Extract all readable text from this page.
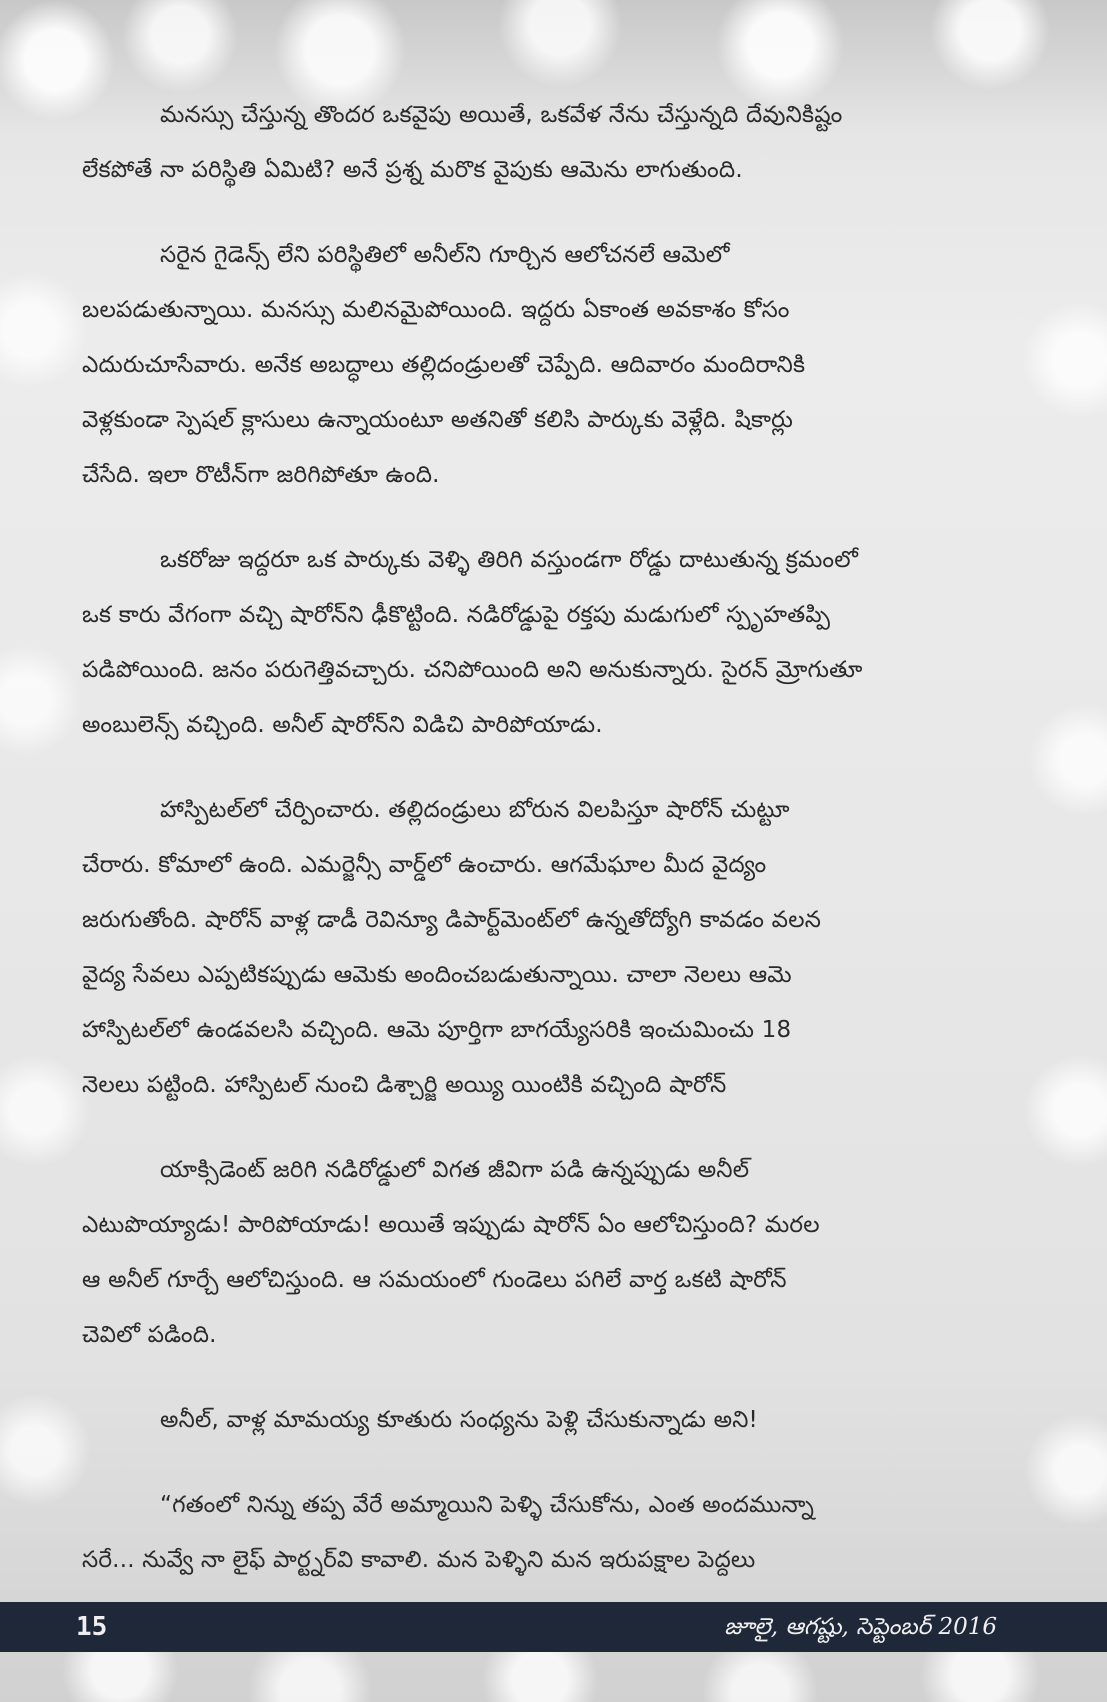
మనస్సు చేస్తున్న తొందర ఒకవైపు అయితే, ఒకవేళ నేను చేస్తున్నది దేవునికిష్టం
లేకపోతే నా పరిస్థితి ఏమిటి? అనే ప్రశ్న మరొక వైపుకు ఆమెను లాగుతుంది.

సరైన గైడెన్స్ లేని పరిస్థితిలో అనీల్‌ని గూర్చిన ఆలోచనలే ఆమెలో
బలపడుతున్నాయి. మనస్సు మలినమైపోయింది. ఇద్దరు ఏకాంత అవకాశం కోసం
ఎదురుచూసేవారు. అనేక అబద్ధాలు తల్లిదండ్రులతో చెప్పేది. ఆదివారం మందిరానికి
వెళ్లకుండా స్పెషల్ క్లాసులు ఉన్నాయంటూ అతనితో కలిసి పార్కుకు వెళ్లేది. షికార్లు
చేసేది. ఇలా రొటీన్‌గా జరిగిపోతూ ఉంది.

ఒకరోజు ఇద్దరూ ఒక పార్కుకు వెళ్ళి తిరిగి వస్తుండగా రోడ్డు దాటుతున్న క్రమంలో
ఒక కారు వేగంగా వచ్చి షారోన్‌ని ఢీకొట్టింది. నడిరోడ్డుపై రక్తపు మడుగులో స్పృహతప్పి
పడిపోయింది. జనం పరుగెత్తివచ్చారు. చనిపోయింది అని అనుకున్నారు. సైరన్ మ్రోగుతూ
అంబులెన్స్ వచ్చింది. అనీల్ షారోన్‌ని విడిచి పారిపోయాడు.

హాస్పిటల్‌లో చేర్పించారు. తల్లిదండ్రులు బోరున విలపిస్తూ షారోన్ చుట్టూ
చేరారు. కోమాలో ఉంది. ఎమర్జెన్సీ వార్డ్‌లో ఉంచారు. ఆగమేఘాల మీద వైద్యం
జరుగుతోంది. షారోన్ వాళ్ల డాడీ రెవిన్యూ డిపార్ట్‌మెంట్‌లో ఉన్నతోద్యోగి కావడం వలన
వైద్య సేవలు ఎప్పటికప్పుడు ఆమెకు అందించబడుతున్నాయి. చాలా నెలలు ఆమె
హాస్పిటల్‌లో ఉండవలసి వచ్చింది. ఆమె పూర్తిగా బాగయ్యేసరికి ఇంచుమించు 18
నెలలు పట్టింది. హాస్పిటల్ నుంచి డిశ్చార్జి అయ్యి యింటికి వచ్చింది షారోన్

యాక్సిడెంట్ జరిగి నడిరోడ్డులో విగత జీవిగా పడి ఉన్నప్పుడు అనీల్
ఎటుపొయ్యాడు! పారిపోయాడు! అయితే ఇప్పుడు షారోన్ ఏం ఆలోచిస్తుంది? మరల
ఆ అనీల్ గూర్చే ఆలోచిస్తుంది. ఆ సమయంలో గుండెలు పగిలే వార్త ఒకటి షారోన్
చెవిలో పడింది.

అనీల్, వాళ్ల మామయ్య కూతురు సంధ్యను పెళ్లి చేసుకున్నాడు అని!

“గతంలో నిన్ను తప్ప వేరే అమ్మాయిని పెళ్ళి చేసుకోను, ఎంత అందమున్నా
సరే... నువ్వే నా లైఫ్ పార్ట్నర్‌వి కావాలి. మన పెళ్ళిని మన ఇరుపక్షాల పెద్దలు

15	జూలై, ఆగష్టు, సెప్టెంబర్ 2016
